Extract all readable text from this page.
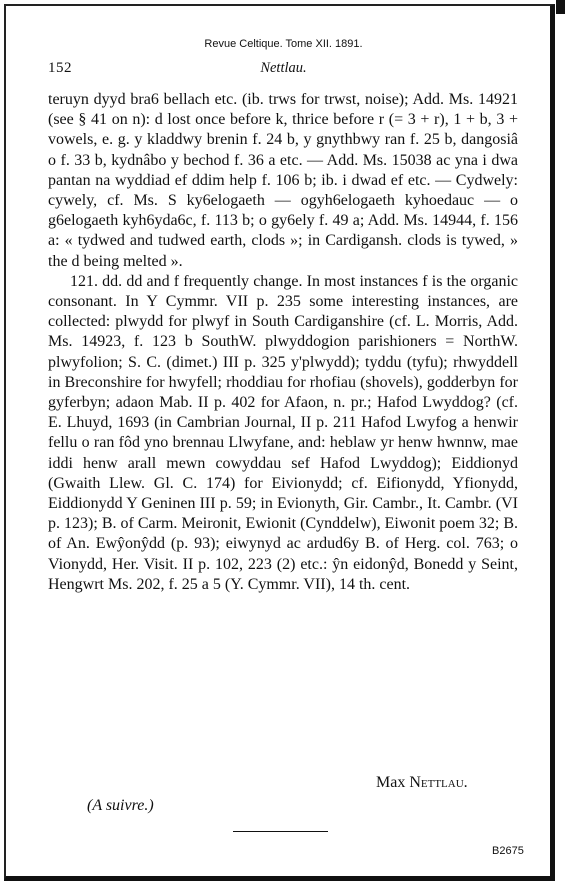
Revue Celtique. Tome XII. 1891.
152	Nettlau.

teruyn dyyd bra6 bellach etc. (ib. trws for trwst, noise); Add. Ms. 14921 (see § 41 on n): d lost once before k, thrice before r (= 3 + r), 1 + b, 3 + vowels, e. g. y kladdwy brenin f. 24 b, y gnythbwy ran f. 25 b, dangosiâ o f. 33 b, kydnâbo y bechod f. 36 a etc. — Add. Ms. 15038 ac yna i dwa pantan na wyddiad ef ddim help f. 106 b; ib. i dwad ef etc. — Cydwely: cywely, cf. Ms. S ky6elogaeth — ogyh6elogaeth kyhoedauc — o g6elogaeth kyh6yda6c, f. 113 b; o gy6ely f. 49 a; Add. Ms. 14944, f. 156 a: « tydwed and tudwed earth, clods »; in Cardigansh. clods is tywed, » the d being melted ».

121. dd. dd and f frequently change. In most instances f is the organic consonant. In Y Cymmr. VII p. 235 some interesting instances, are collected: plwydd for plwyf in South Cardiganshire (cf. L. Morris, Add. Ms. 14923, f. 123 b SouthW. plwyddogion parishioners = NorthW. plwyfolion; S. C. (dimet.) III p. 325 y'plwydd); tyddu (tyfu); rhwyddell in Breconshire for hwyfell; rhoddiau for rhofiau (shovels), godderbyn for gyferbyn; adaon Mab. II p. 402 for Afaon, n. pr.; Hafod Lwyddog? (cf. E. Lhuyd, 1693 (in Cambrian Journal, II p. 211 Hafod Lwyfog a henwir fellu o ran fôd yno brennau Llwyfane, and: heblaw yr henw hwnnw, mae iddi henw arall mewn cowyddau sef Hafod Lwyddog); Eiddionyd (Gwaith Llew. Gl. C. 174) for Eivionydd; cf. Eifionydd, Yfionydd, Eiddionydd Y Geninen III p. 59; in Evionyth, Gir. Cambr., It. Cambr. (VI p. 123); B. of Carm. Meironit, Ewionit (Cynddelw), Eiwonit poem 32; B. of An. Ewŷonŷdd (p. 93); eiwynyd ac ardud6y B. of Herg. col. 763; o Vionydd, Her. Visit. II p. 102, 223 (2) etc.: ŷn eidonŷd, Bonedd y Seint, Hengwrt Ms. 202, f. 25 a 5 (Y. Cymmr. VII), 14 th. cent.

Max Nettlau.
(A suivre.)
B2675
